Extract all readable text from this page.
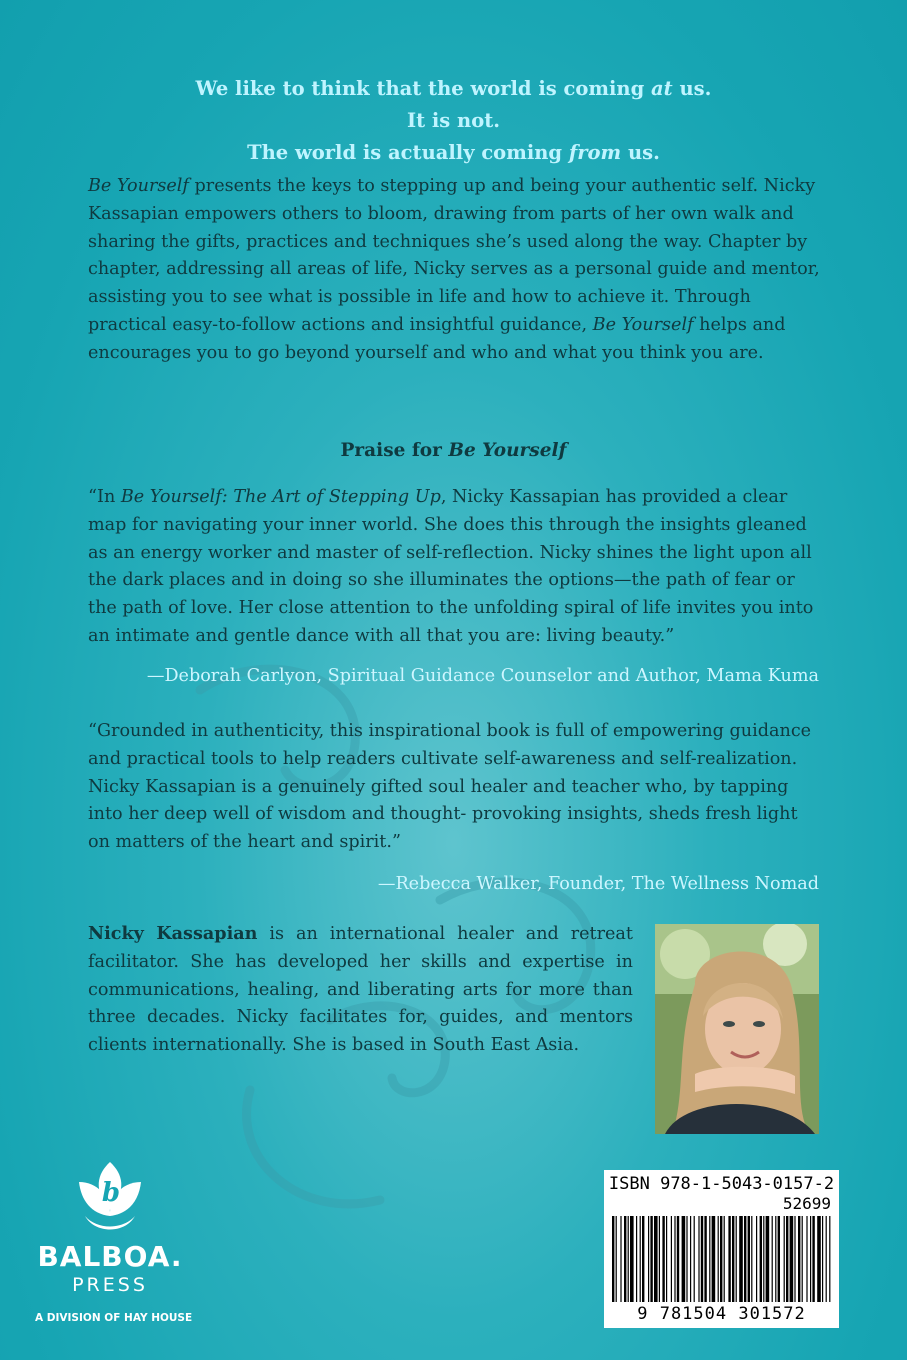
We like to think that the world is coming at us.
It is not.
The world is actually coming from us.
Be Yourself presents the keys to stepping up and being your authentic self. Nicky Kassapian empowers others to bloom, drawing from parts of her own walk and sharing the gifts, practices and techniques she’s used along the way. Chapter by chapter, addressing all areas of life, Nicky serves as a personal guide and mentor, assisting you to see what is possible in life and how to achieve it. Through practical easy-to-follow actions and insightful guidance, Be Yourself helps and encourages you to go beyond yourself and who and what you think you are.
Praise for Be Yourself
“In Be Yourself: The Art of Stepping Up, Nicky Kassapian has provided a clear map for navigating your inner world. She does this through the insights gleaned as an energy worker and master of self-reflection. Nicky shines the light upon all the dark places and in doing so she illuminates the options—the path of fear or the path of love. Her close attention to the unfolding spiral of life invites you into an intimate and gentle dance with all that you are: living beauty.”
—Deborah Carlyon, Spiritual Guidance Counselor and Author, Mama Kuma
“Grounded in authenticity, this inspirational book is full of empowering guidance and practical tools to help readers cultivate self-awareness and self-realization. Nicky Kassapian is a genuinely gifted soul healer and teacher who, by tapping into her deep well of wisdom and thought- provoking insights, sheds fresh light on matters of the heart and spirit.”
—Rebecca Walker, Founder, The Wellness Nomad
Nicky Kassapian is an international healer and retreat facilitator. She has developed her skills and expertise in communications, healing, and liberating arts for more than three decades. Nicky facilitates for, guides, and mentors clients internationally. She is based in South East Asia.
ISBN 978-1-5043-0157-2
52699
9 781504 301572
b
BALBOA.
PRESS
A DIVISION OF HAY HOUSE
